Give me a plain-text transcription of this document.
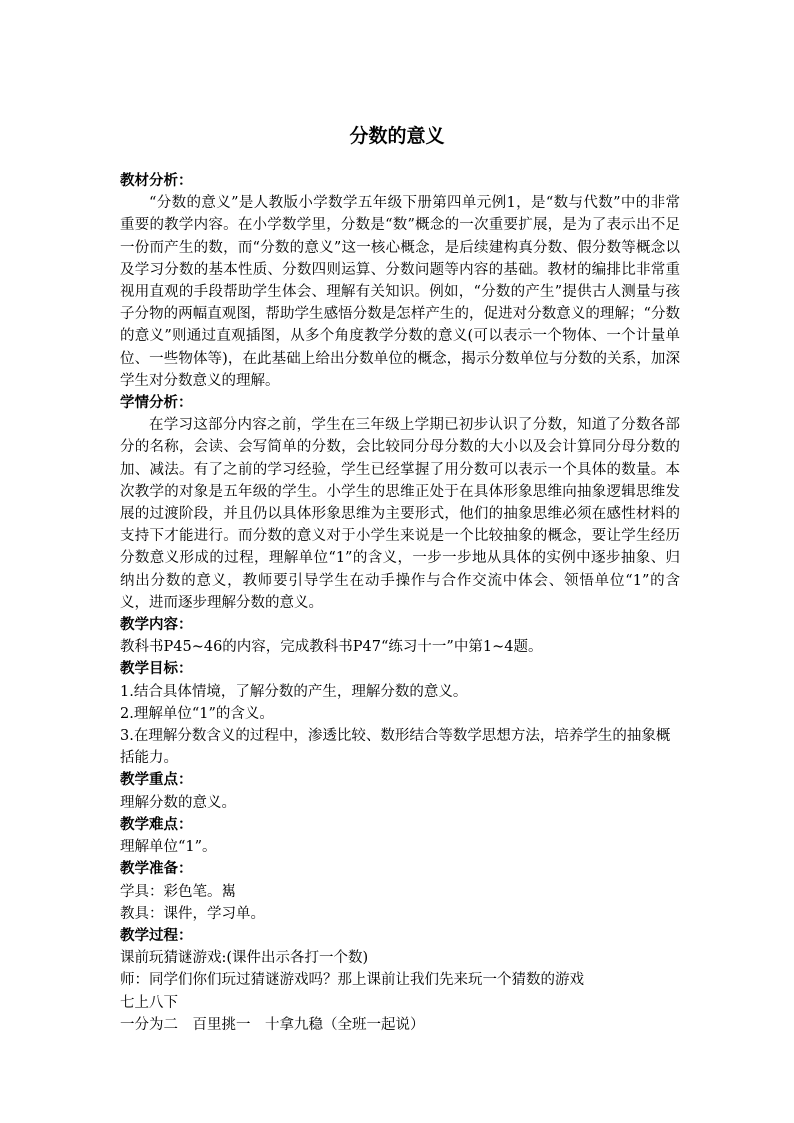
分数的意义

教材分析：

“分数的意义”是人教版小学数学五年级下册第四单元例1，是“数与代数”中的非常重要的教学内容。在小学数学里，分数是“数”概念的一次重要扩展，是为了表示出不足一份而产生的数，而“分数的意义”这一核心概念，是后续建构真分数、假分数等概念以及学习分数的基本性质、分数四则运算、分数问题等内容的基础。教材的编排比非常重视用直观的手段帮助学生体会、理解有关知识。例如，“分数的产生”提供古人测量与孩子分物的两幅直观图，帮助学生感悟分数是怎样产生的，促进对分数意义的理解；“分数的意义”则通过直观插图，从多个角度教学分数的意义(可以表示一个物体、一个计量单位、一些物体等)，在此基础上给出分数单位的概念，揭示分数单位与分数的关系，加深学生对分数意义的理解。

学情分析：

在学习这部分内容之前，学生在三年级上学期已初步认识了分数，知道了分数各部分的名称，会读、会写简单的分数，会比较同分母分数的大小以及会计算同分母分数的加、减法。有了之前的学习经验，学生已经掌握了用分数可以表示一个具体的数量。本次教学的对象是五年级的学生。小学生的思维正处于在具体形象思维向抽象逻辑思维发展的过渡阶段，并且仍以具体形象思维为主要形式，他们的抽象思维必须在感性材料的支持下才能进行。而分数的意义对于小学生来说是一个比较抽象的概念，要让学生经历分数意义形成的过程，理解单位“1”的含义，一步一步地从具体的实例中逐步抽象、归纳出分数的意义，教师要引导学生在动手操作与合作交流中体会、领悟单位“1”的含义，进而逐步理解分数的意义。

教学内容：

教科书P45~46的内容，完成教科书P47“练习十一”中第1~4题。

教学目标：

1.结合具体情境，了解分数的产生，理解分数的意义。
2.理解单位“1”的含义。
3.在理解分数含义的过程中，渗透比较、数形结合等数学思想方法，培养学生的抽象概括能力。

教学重点：

理解分数的意义。

教学难点：

理解单位“1”。

教学准备：

学具：彩色笔。嶲

教具：课件，学习单。

教学过程：

课前玩猜谜游戏:(课件出示各打一个数)

师：同学们你们玩过猜谜游戏吗？那上课前让我们先来玩一个猜数的游戏

七上八下

一分为二　百里挑一　十拿九稳（全班一起说）
